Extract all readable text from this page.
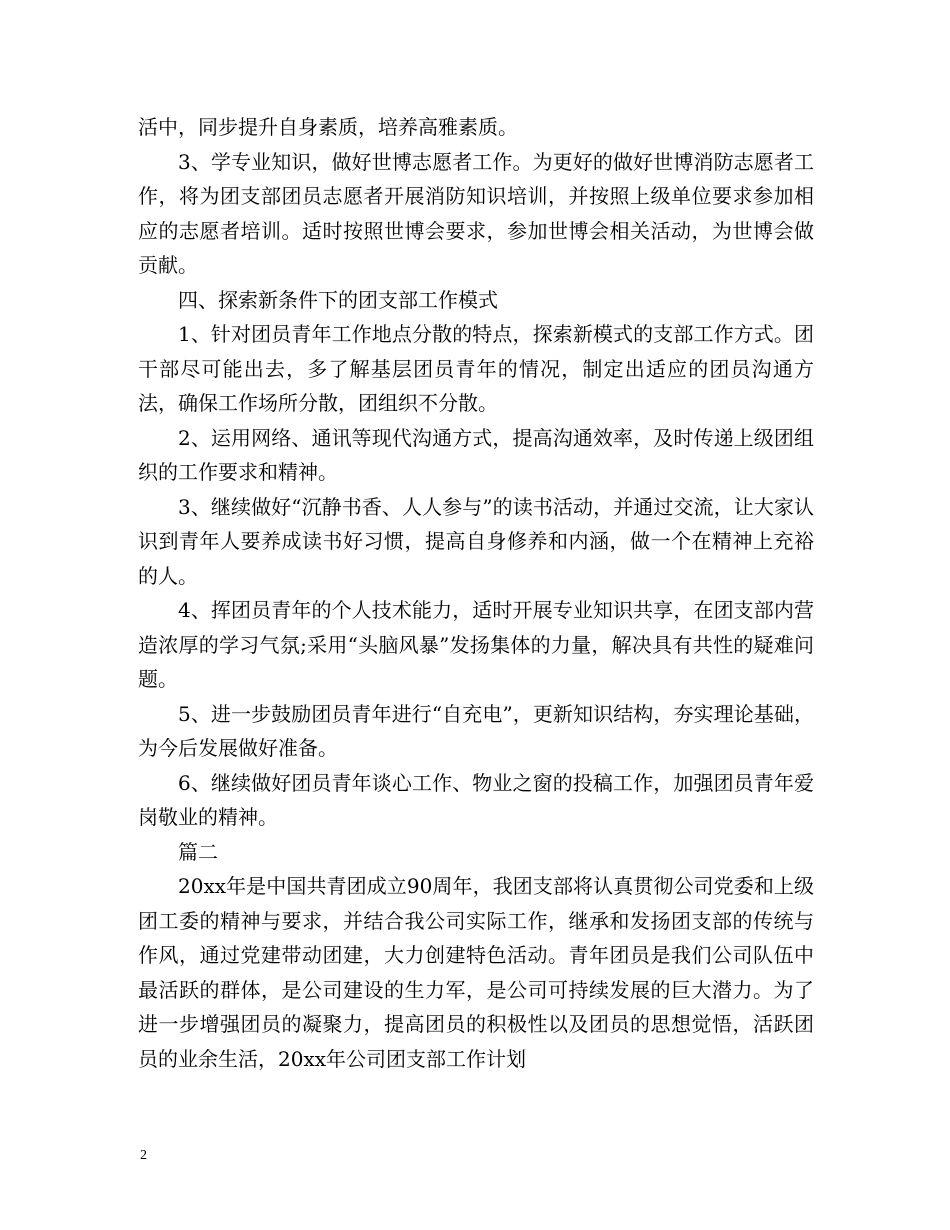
活中，同步提升自身素质，培养高雅素质。

3、学专业知识，做好世博志愿者工作。为更好的做好世博消防志愿者工作，将为团支部团员志愿者开展消防知识培训，并按照上级单位要求参加相应的志愿者培训。适时按照世博会要求，参加世博会相关活动，为世博会做贡献。

四、探索新条件下的团支部工作模式

1、针对团员青年工作地点分散的特点，探索新模式的支部工作方式。团干部尽可能出去，多了解基层团员青年的情况，制定出适应的团员沟通方法，确保工作场所分散，团组织不分散。

2、运用网络、通讯等现代沟通方式，提高沟通效率，及时传递上级团组织的工作要求和精神。

3、继续做好“沉静书香、人人参与”的读书活动，并通过交流，让大家认识到青年人要养成读书好习惯，提高自身修养和内涵，做一个在精神上充裕的人。

4、挥团员青年的个人技术能力，适时开展专业知识共享，在团支部内营造浓厚的学习气氛;采用“头脑风暴”发扬集体的力量，解决具有共性的疑难问题。

5、进一步鼓励团员青年进行“自充电”，更新知识结构，夯实理论基础，为今后发展做好准备。

6、继续做好团员青年谈心工作、物业之窗的投稿工作，加强团员青年爱岗敬业的精神。

篇二

20xx年是中国共青团成立90周年，我团支部将认真贯彻公司党委和上级团工委的精神与要求，并结合我公司实际工作，继承和发扬团支部的传统与作风，通过党建带动团建，大力创建特色活动。青年团员是我们公司队伍中最活跃的群体，是公司建设的生力军，是公司可持续发展的巨大潜力。为了进一步增强团员的凝聚力，提高团员的积极性以及团员的思想觉悟，活跃团员的业余生活，20xx年公司团支部工作计划

2
